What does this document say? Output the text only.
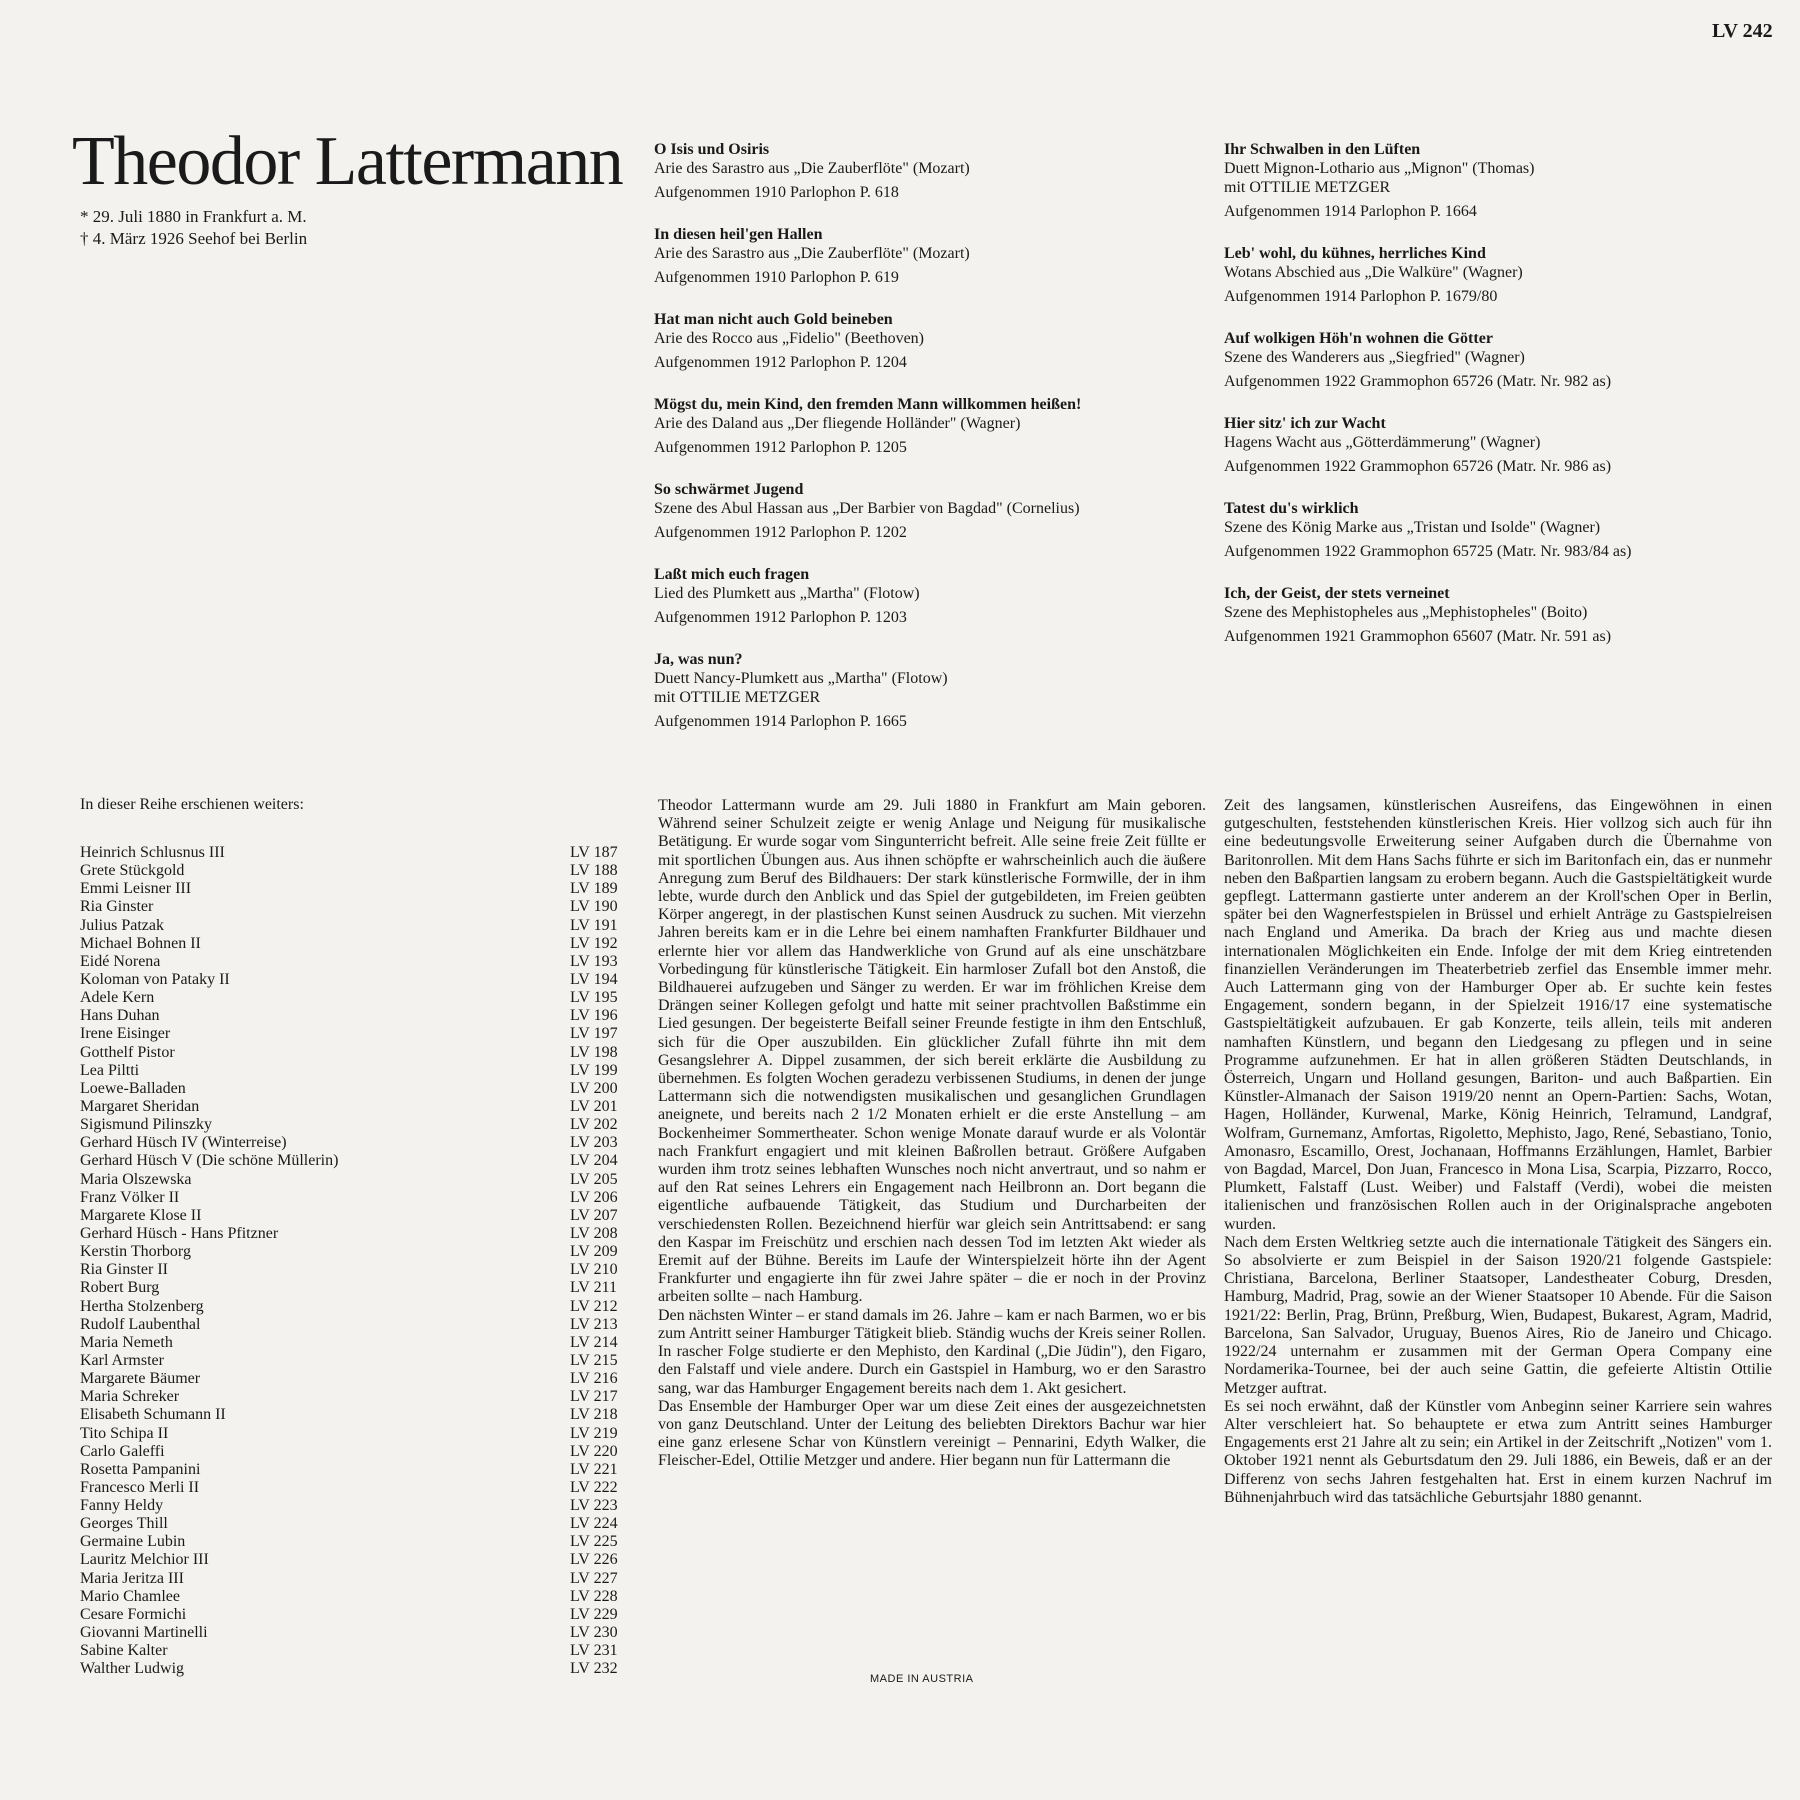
LV 242
Theodor Lattermann
* 29. Juli 1880 in Frankfurt a. M.
† 4. März 1926 Seehof bei Berlin
O Isis und Osiris
Arie des Sarastro aus „Die Zauberflöte" (Mozart)
Aufgenommen 1910 Parlophon P. 618
In diesen heil'gen Hallen
Arie des Sarastro aus „Die Zauberflöte" (Mozart)
Aufgenommen 1910 Parlophon P. 619
Hat man nicht auch Gold beineben
Arie des Rocco aus „Fidelio" (Beethoven)
Aufgenommen 1912 Parlophon P. 1204
Mögst du, mein Kind, den fremden Mann willkommen heißen!
Arie des Daland aus „Der fliegende Holländer" (Wagner)
Aufgenommen 1912 Parlophon P. 1205
So schwärmet Jugend
Szene des Abul Hassan aus „Der Barbier von Bagdad" (Cornelius)
Aufgenommen 1912 Parlophon P. 1202
Laßt mich euch fragen
Lied des Plumkett aus „Martha" (Flotow)
Aufgenommen 1912 Parlophon P. 1203
Ja, was nun?
Duett Nancy-Plumkett aus „Martha" (Flotow)
mit OTTILIE METZGER
Aufgenommen 1914 Parlophon P. 1665
Ihr Schwalben in den Lüften
Duett Mignon-Lothario aus „Mignon" (Thomas)
mit OTTILIE METZGER
Aufgenommen 1914 Parlophon P. 1664
Leb' wohl, du kühnes, herrliches Kind
Wotans Abschied aus „Die Walküre" (Wagner)
Aufgenommen 1914 Parlophon P. 1679/80
Auf wolkigen Höh'n wohnen die Götter
Szene des Wanderers aus „Siegfried" (Wagner)
Aufgenommen 1922 Grammophon 65726 (Matr. Nr. 982 as)
Hier sitz' ich zur Wacht
Hagens Wacht aus „Götterdämmerung" (Wagner)
Aufgenommen 1922 Grammophon 65726 (Matr. Nr. 986 as)
Tatest du's wirklich
Szene des König Marke aus „Tristan und Isolde" (Wagner)
Aufgenommen 1922 Grammophon 65725 (Matr. Nr. 983/84 as)
Ich, der Geist, der stets verneinet
Szene des Mephistopheles aus „Mephistopheles" (Boito)
Aufgenommen 1921 Grammophon 65607 (Matr. Nr. 591 as)
In dieser Reihe erschienen weiters:
Heinrich Schlusnus III	LV 187
Grete Stückgold	LV 188
Emmi Leisner III	LV 189
Ria Ginster	LV 190
Julius Patzak	LV 191
Michael Bohnen II	LV 192
Eidé Norena	LV 193
Koloman von Pataky II	LV 194
Adele Kern	LV 195
Hans Duhan	LV 196
Irene Eisinger	LV 197
Gotthelf Pistor	LV 198
Lea Piltti	LV 199
Loewe-Balladen	LV 200
Margaret Sheridan	LV 201
Sigismund Pilinszky	LV 202
Gerhard Hüsch IV (Winterreise)	LV 203
Gerhard Hüsch V (Die schöne Müllerin)	LV 204
Maria Olszewska	LV 205
Franz Völker II	LV 206
Margarete Klose II	LV 207
Gerhard Hüsch - Hans Pfitzner	LV 208
Kerstin Thorborg	LV 209
Ria Ginster II	LV 210
Robert Burg	LV 211
Hertha Stolzenberg	LV 212
Rudolf Laubenthal	LV 213
Maria Nemeth	LV 214
Karl Armster	LV 215
Margarete Bäumer	LV 216
Maria Schreker	LV 217
Elisabeth Schumann II	LV 218
Tito Schipa II	LV 219
Carlo Galeffi	LV 220
Rosetta Pampanini	LV 221
Francesco Merli II	LV 222
Fanny Heldy	LV 223
Georges Thill	LV 224
Germaine Lubin	LV 225
Lauritz Melchior III	LV 226
Maria Jeritza III	LV 227
Mario Chamlee	LV 228
Cesare Formichi	LV 229
Giovanni Martinelli	LV 230
Sabine Kalter	LV 231
Walther Ludwig	LV 232

Theodor Lattermann wurde am 29. Juli 1880 in Frankfurt am Main geboren. Während seiner Schulzeit zeigte er wenig Anlage und Neigung für musikalische Betätigung. Er wurde sogar vom Singunterricht befreit. Alle seine freie Zeit füllte er mit sportlichen Übungen aus. Aus ihnen schöpfte er wahrscheinlich auch die äußere Anregung zum Beruf des Bildhauers: Der stark künstlerische Formwille, der in ihm lebte, wurde durch den Anblick und das Spiel der gutgebildeten, im Freien geübten Körper angeregt, in der plastischen Kunst seinen Ausdruck zu suchen. Mit vierzehn Jahren bereits kam er in die Lehre bei einem namhaften Frankfurter Bildhauer und erlernte hier vor allem das Handwerkliche von Grund auf als eine unschätzbare Vorbedingung für künstlerische Tätigkeit. Ein harmloser Zufall bot den Anstoß, die Bildhauerei aufzugeben und Sänger zu werden. Er war im fröhlichen Kreise dem Drängen seiner Kollegen gefolgt und hatte mit seiner prachtvollen Baßstimme ein Lied gesungen. Der begeisterte Beifall seiner Freunde festigte in ihm den Entschluß, sich für die Oper auszubilden. Ein glücklicher Zufall führte ihn mit dem Gesangslehrer A. Dippel zusammen, der sich bereit erklärte die Ausbildung zu übernehmen. Es folgten Wochen geradezu verbissenen Studiums, in denen der junge Lattermann sich die notwendigsten musikalischen und gesanglichen Grundlagen aneignete, und bereits nach 2 1/2 Monaten erhielt er die erste Anstellung – am Bockenheimer Sommertheater. Schon wenige Monate darauf wurde er als Volontär nach Frankfurt engagiert und mit kleinen Baßrollen betraut. Größere Aufgaben wurden ihm trotz seines lebhaften Wunsches noch nicht anvertraut, und so nahm er auf den Rat seines Lehrers ein Engagement nach Heilbronn an. Dort begann die eigentliche aufbauende Tätigkeit, das Studium und Durcharbeiten der verschiedensten Rollen. Bezeichnend hierfür war gleich sein Antrittsabend: er sang den Kaspar im Freischütz und erschien nach dessen Tod im letzten Akt wieder als Eremit auf der Bühne. Bereits im Laufe der Winterspielzeit hörte ihn der Agent Frankfurter und engagierte ihn für zwei Jahre später – die er noch in der Provinz arbeiten sollte – nach Hamburg.

Den nächsten Winter – er stand damals im 26. Jahre – kam er nach Barmen, wo er bis zum Antritt seiner Hamburger Tätigkeit blieb. Ständig wuchs der Kreis seiner Rollen. In rascher Folge studierte er den Mephisto, den Kardinal („Die Jüdin"), den Figaro, den Falstaff und viele andere. Durch ein Gastspiel in Hamburg, wo er den Sarastro sang, war das Hamburger Engagement bereits nach dem 1. Akt gesichert.

Das Ensemble der Hamburger Oper war um diese Zeit eines der ausgezeichnetsten von ganz Deutschland. Unter der Leitung des beliebten Direktors Bachur war hier eine ganz erlesene Schar von Künstlern vereinigt – Pennarini, Edyth Walker, die Fleischer-Edel, Ottilie Metzger und andere. Hier begann nun für Lattermann die

Zeit des langsamen, künstlerischen Ausreifens, das Eingewöhnen in einen gutgeschulten, feststehenden künstlerischen Kreis. Hier vollzog sich auch für ihn eine bedeutungsvolle Erweiterung seiner Aufgaben durch die Übernahme von Baritonrollen. Mit dem Hans Sachs führte er sich im Baritonfach ein, das er nunmehr neben den Baßpartien langsam zu erobern begann. Auch die Gastspieltätigkeit wurde gepflegt. Lattermann gastierte unter anderem an der Kroll'schen Oper in Berlin, später bei den Wagnerfestspielen in Brüssel und erhielt Anträge zu Gastspielreisen nach England und Amerika. Da brach der Krieg aus und machte diesen internationalen Möglichkeiten ein Ende. Infolge der mit dem Krieg eintretenden finanziellen Veränderungen im Theaterbetrieb zerfiel das Ensemble immer mehr. Auch Lattermann ging von der Hamburger Oper ab. Er suchte kein festes Engagement, sondern begann, in der Spielzeit 1916/17 eine systematische Gastspieltätigkeit aufzubauen. Er gab Konzerte, teils allein, teils mit anderen namhaften Künstlern, und begann den Liedgesang zu pflegen und in seine Programme aufzunehmen. Er hat in allen größeren Städten Deutschlands, in Österreich, Ungarn und Holland gesungen, Bariton- und auch Baßpartien. Ein Künstler-Almanach der Saison 1919/20 nennt an Opern-Partien: Sachs, Wotan, Hagen, Holländer, Kurwenal, Marke, König Heinrich, Telramund, Landgraf, Wolfram, Gurnemanz, Amfortas, Rigoletto, Mephisto, Jago, René, Sebastiano, Tonio, Amonasro, Escamillo, Orest, Jochanaan, Hoffmanns Erzählungen, Hamlet, Barbier von Bagdad, Marcel, Don Juan, Francesco in Mona Lisa, Scarpia, Pizzarro, Rocco, Plumkett, Falstaff (Lust. Weiber) und Falstaff (Verdi), wobei die meisten italienischen und französischen Rollen auch in der Originalsprache angeboten wurden.

Nach dem Ersten Weltkrieg setzte auch die internationale Tätigkeit des Sängers ein. So absolvierte er zum Beispiel in der Saison 1920/21 folgende Gastspiele: Christiana, Barcelona, Berliner Staatsoper, Landestheater Coburg, Dresden, Hamburg, Madrid, Prag, sowie an der Wiener Staatsoper 10 Abende. Für die Saison 1921/22: Berlin, Prag, Brünn, Preßburg, Wien, Budapest, Bukarest, Agram, Madrid, Barcelona, San Salvador, Uruguay, Buenos Aires, Rio de Janeiro und Chicago. 1922/24 unternahm er zusammen mit der German Opera Company eine Nordamerika-Tournee, bei der auch seine Gattin, die gefeierte Altistin Ottilie Metzger auftrat.

Es sei noch erwähnt, daß der Künstler vom Anbeginn seiner Karriere sein wahres Alter verschleiert hat. So behauptete er etwa zum Antritt seines Hamburger Engagements erst 21 Jahre alt zu sein; ein Artikel in der Zeitschrift „Notizen" vom 1. Oktober 1921 nennt als Geburtsdatum den 29. Juli 1886, ein Beweis, daß er an der Differenz von sechs Jahren festgehalten hat. Erst in einem kurzen Nachruf im Bühnenjahrbuch wird das tatsächliche Geburtsjahr 1880 genannt.

MADE IN AUSTRIA
